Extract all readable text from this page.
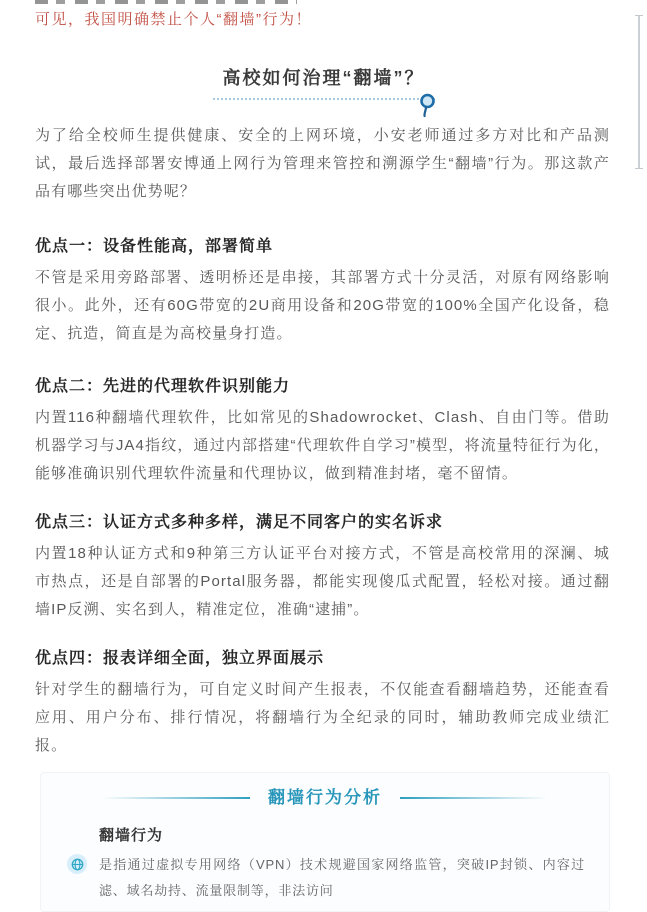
可见，我国明确禁止个人“翻墙”行为！
高校如何治理“翻墙”？
为了给全校师生提供健康、安全的上网环境，小安老师通过多方对比和产品测试，最后选择部署安博通上网行为管理来管控和溯源学生“翻墙”行为。那这款产品有哪些突出优势呢？
优点一：设备性能高，部署简单
不管是采用旁路部署、透明桥还是串接，其部署方式十分灵活，对原有网络影响很小。此外，还有60G带宽的2U商用设备和20G带宽的100%全国产化设备，稳定、抗造，简直是为高校量身打造。
优点二：先进的代理软件识别能力
内置116种翻墙代理软件，比如常见的Shadowrocket、Clash、自由门等。借助机器学习与JA4指纹，通过内部搭建“代理软件自学习”模型，将流量特征行为化，能够准确识别代理软件流量和代理协议，做到精准封堵，毫不留情。
优点三：认证方式多种多样，满足不同客户的实名诉求
内置18种认证方式和9种第三方认证平台对接方式，不管是高校常用的深澜、城市热点，还是自部署的Portal服务器，都能实现傻瓜式配置，轻松对接。通过翻墙IP反溯、实名到人，精准定位，准确“逮捕”。
优点四：报表详细全面，独立界面展示
针对学生的翻墙行为，可自定义时间产生报表，不仅能查看翻墙趋势，还能查看应用、用户分布、排行情况，将翻墙行为全纪录的同时，辅助教师完成业绩汇报。
翻墙行为分析
翻墙行为
是指通过虚拟专用网络（VPN）技术规避国家网络监管，突破IP封锁、内容过滤、域名劫持、流量限制等，非法访问
